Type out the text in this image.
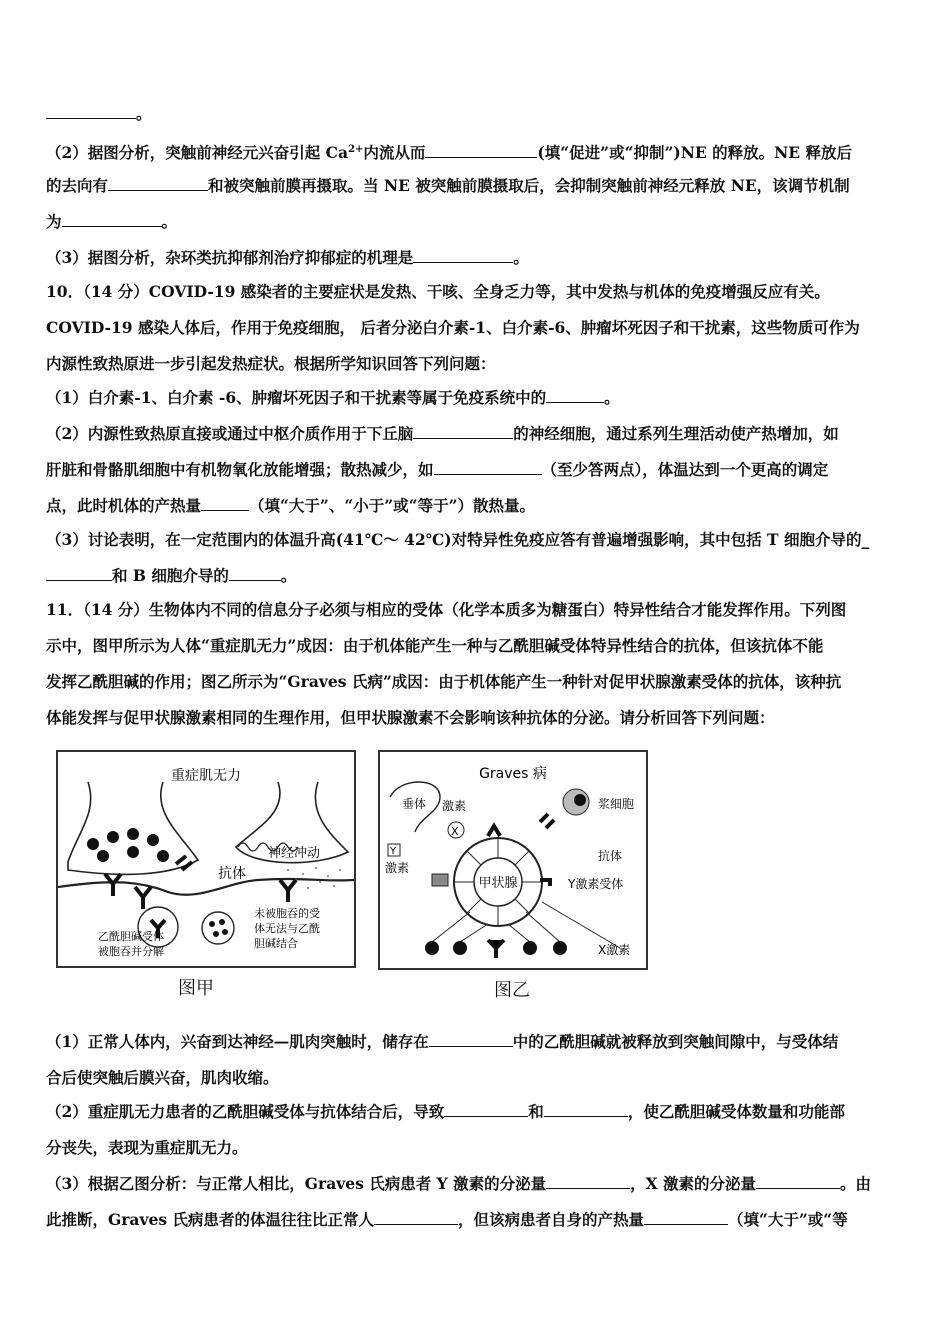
。
（2）据图分析，突触前神经元兴奋引起 $Ca^{2+}$内流从而	(填“促进”或“抑制”)NE 的释放。NE 释放后
的去向有	和被突触前膜再摄取。当 NE 被突触前膜摄取后，会抑制突触前神经元释放 NE，该调节机制
为	。
（3）据图分析，杂环类抗抑郁剂治疗抑郁症的机理是	。
10．（14 分）COVID-19 感染者的主要症状是发热、干咳、全身乏力等，其中发热与机体的免疫增强反应有关。
COVID-19 感染人体后，作用于免疫细胞， 后者分泌白介素-1、白介素-6、肿瘤坏死因子和干扰素，这些物质可作为
内源性致热原进一步引起发热症状。根据所学知识回答下列问题：
（1）白介素-1、白介素 -6、肿瘤坏死因子和干扰素等属于免疫系统中的	。
（2）内源性致热原直接或通过中枢介质作用于下丘脑	的神经细胞，通过系列生理活动使产热增加，如
肝脏和骨骼肌细胞中有机物氧化放能增强；散热减少，如	（至少答两点），体温达到一个更高的调定
点，此时机体的产热量	（填“大于”、“小于”或“等于”）散热量。
（3）讨论表明，在一定范围内的体温升高(41℃～ 42℃)对特异性免疫应答有普遍增强影响，其中包括 T 细胞介导的_
和 B 细胞介导的	。
11．（14 分）生物体内不同的信息分子必须与相应的受体（化学本质多为糖蛋白）特异性结合才能发挥作用。下列图
示中，图甲所示为人体“重症肌无力”成因：由于机体能产生一种与乙酰胆碱受体特异性结合的抗体，但该抗体不能
发挥乙酰胆碱的作用；图乙所示为“Graves 氏病”成因：由于机体能产生一种针对促甲状腺激素受体的抗体，该种抗
体能发挥与促甲状腺激素相同的生理作用，但甲状腺激素不会影响该种抗体的分泌。请分析回答下列问题：
（1）正常人体内，兴奋到达神经—肌肉突触时，储存在	中的乙酰胆碱就被释放到突触间隙中，与受体结
合后使突触后膜兴奋，肌肉收缩。
（2）重症肌无力患者的乙酰胆碱受体与抗体结合后，导致	和	，使乙酰胆碱受体数量和功能部
分丧失，表现为重症肌无力。
（3）根据乙图分析：与正常人相比，Graves 氏病患者 Y 激素的分泌量	，X 激素的分泌量	。由
此推断，Graves 氏病患者的体温往往比正常人	，但该病患者自身的产热量	（填“大于”或“等
重症肌无力
神经冲动
抗体
乙酰胆碱受体
被胞吞并分解
未被胞吞的受
体无法与乙酰
胆碱结合
图甲
Graves 病
垂体
Y
激素
激素
X
浆细胞
抗体
甲状腺	Y激素受体
X激素
图乙
